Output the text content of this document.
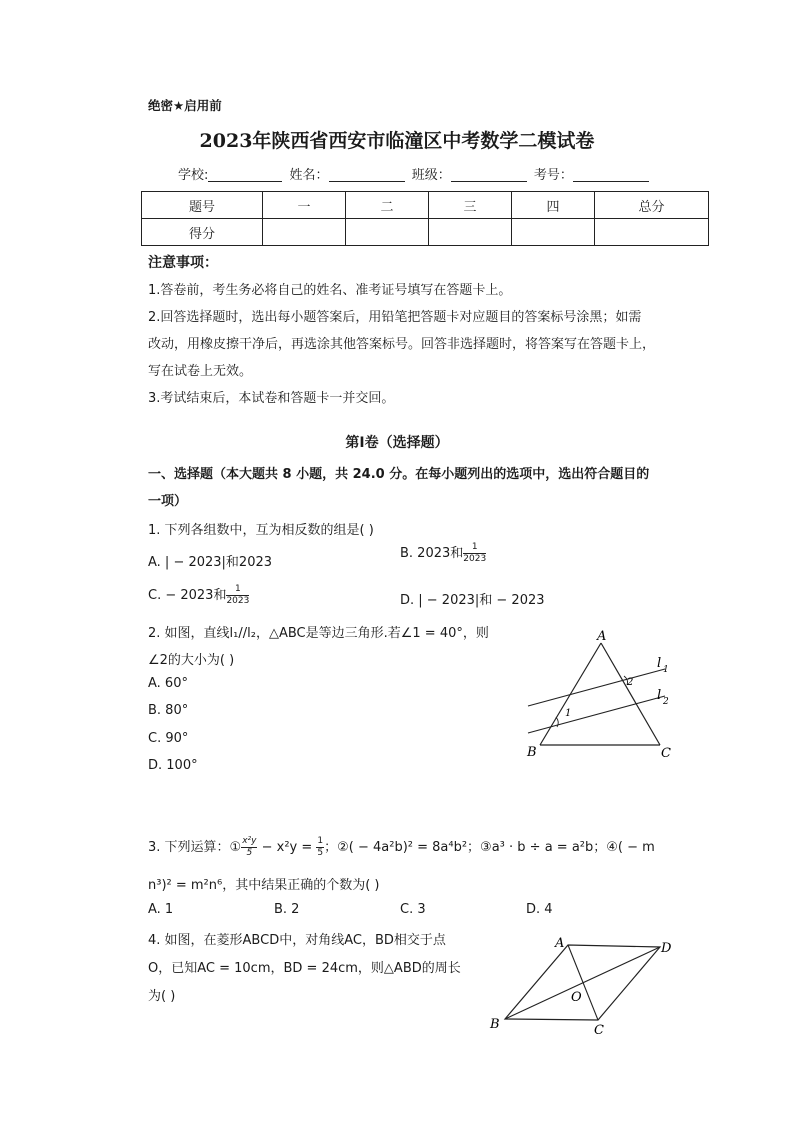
绝密★启用前
2023年陕西省西安市临潼区中考数学二模试卷
学校:	姓名：	班级：	考号：
题号	一	二	三	四	总分
得分					
注意事项：
1.答卷前，考生务必将自己的姓名、准考证号填写在答题卡上。
2.回答选择题时，选出每小题答案后，用铅笔把答题卡对应题目的答案标号涂黑；如需
改动，用橡皮擦干净后，再选涂其他答案标号。回答非选择题时，将答案写在答题卡上，
写在试卷上无效。
3.考试结束后，本试卷和答题卡一并交回。
第Ⅰ卷（选择题）
一、选择题（本大题共 8 小题，共 24.0 分。在每小题列出的选项中，选出符合题目的
一项）
1. 下列各组数中，互为相反数的组是( )
A. | − 2023|和2023
B. 2023和 $\frac{1}{2023}$
C. − 2023和 $\frac{1}{2023}$	D. | − 2023|和 − 2023
2. 如图，直线l₁//l₂，△ABC是等边三角形.若∠1 = 40°，则
∠2的大小为( )
A. 60°
B. 80°
C. 90°
D. 100°
A
B	C
l 1
l 2
1
2
3. 下列运算：① $\frac{\text{x²y}}{5} - x^2y = \frac{1}{5}$ ；②( − 4a²b)² = 8a⁴b²；③a³ · b ÷ a = a²b；④( − m
n³)² = m²n⁶，其中结果正确的个数为( )
A. 1	B. 2	C. 3	D. 4
4. 如图，在菱形ABCD中，对角线AC，BD相交于点
O，已知AC = 10cm，BD = 24cm，则△ABD的周长
为( )
A	D
B	C
O
